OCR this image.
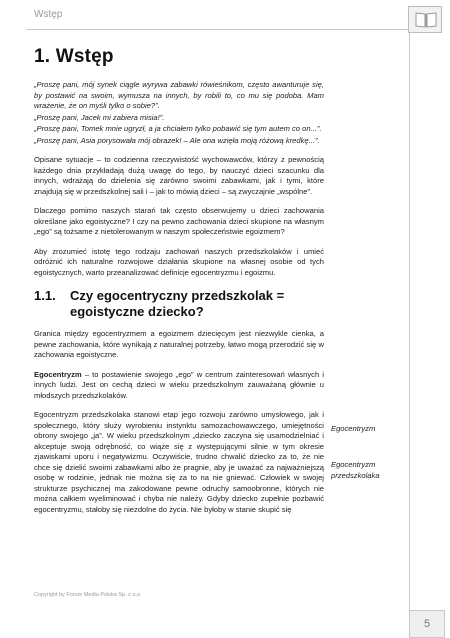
Wstęp
1. Wstęp

„Proszę pani, mój synek ciągle wyrywa zabawki rówieśnikom, często awanturuje się, by postawić na swoim, wymusza na innych, by robili to, co mu się podoba. Mam wrażenie, że on myśli tylko o sobie?”.

„Proszę pani, Jacek mi zabiera misia!”.

„Proszę pani, Tomek mnie ugryzł, a ja chciałem tylko pobawić się tym autem co on...”.

„Proszę pani, Asia porysowała mój obrazek! – Ale ona wzięła moją różową kredkę...”.

Opisane sytuacje – to codzienna rzeczywistość wychowawców, którzy z pewnością każdego dnia przykładają dużą uwagę do tego, by nauczyć dzieci szacunku dla innych, wdrażają do dzielenia się zarówno swoimi zabawkami, jak i tymi, które znajdują się w przedszkolnej sali i – jak to mówią dzieci – są zwyczajnie „wspólne”.

Dlaczego pomimo naszych starań tak często obserwujemy u dzieci zachowania określane jako egoistyczne? I czy na pewno zachowania dzieci skupione na własnym „ego” są tożsame z nietolerowanym w naszym społeczeństwie egoizmem?

Aby zrozumieć istotę tego rodzaju zachowań naszych przedszkolaków i umieć odróżnić ich naturalne rozwojowe działania skupione na własnej osobie od tych egoistycznych, warto przeanalizować definicje egocentryzmu i egoizmu.

1.1. Czy egocentryczny przedszkolak =
egoistyczne dziecko?

Granica między egocentryzmem a egoizmem dziecięcym jest niezwykle cienka, a pewne zachowania, które wynikają z naturalnej potrzeby, łatwo mogą przerodzić się w zachowania egoistyczne.

Egocentryzm – to postawienie swojego „ego” w centrum zainteresowań własnych i innych ludzi. Jest on cechą dzieci w wieku przedszkolnym zauważaną głównie u młodszych przedszkolaków.

Egocentryzm przedszkolaka stanowi etap jego rozwoju zarówno umysłowego, jak i społecznego, który służy wyrobieniu instynktu samozachowawczego, umiejętności obrony swojego „ja”. W wieku przedszkolnym „dziecko zaczyna się usamodzielniać i akceptuje swoją odrębność, co wiąże się z występującymi silnie w tym okresie zjawiskami uporu i negatywizmu. Oczywiście, trudno chwalić dziecko za to, że nie chce się dzielić swoimi zabawkami albo że pragnie, aby je uważać za najważniejszą osobę w rodzinie, jednak nie można się za to na nie gniewać. Człowiek w swojej strukturze psychicznej ma zakodowane pewne odruchy samoobronne, których nie można całkiem wyeliminować i chyba nie należy. Gdyby dziecko zupełnie pozbawić egocentryzmu, stałoby się niezdolne do życia. Nie byłoby w stanie skupić się

Egocentryzm
Egocentryzm przedszkolaka
5
Copyright by Forum Media Polska Sp. z o.o.
